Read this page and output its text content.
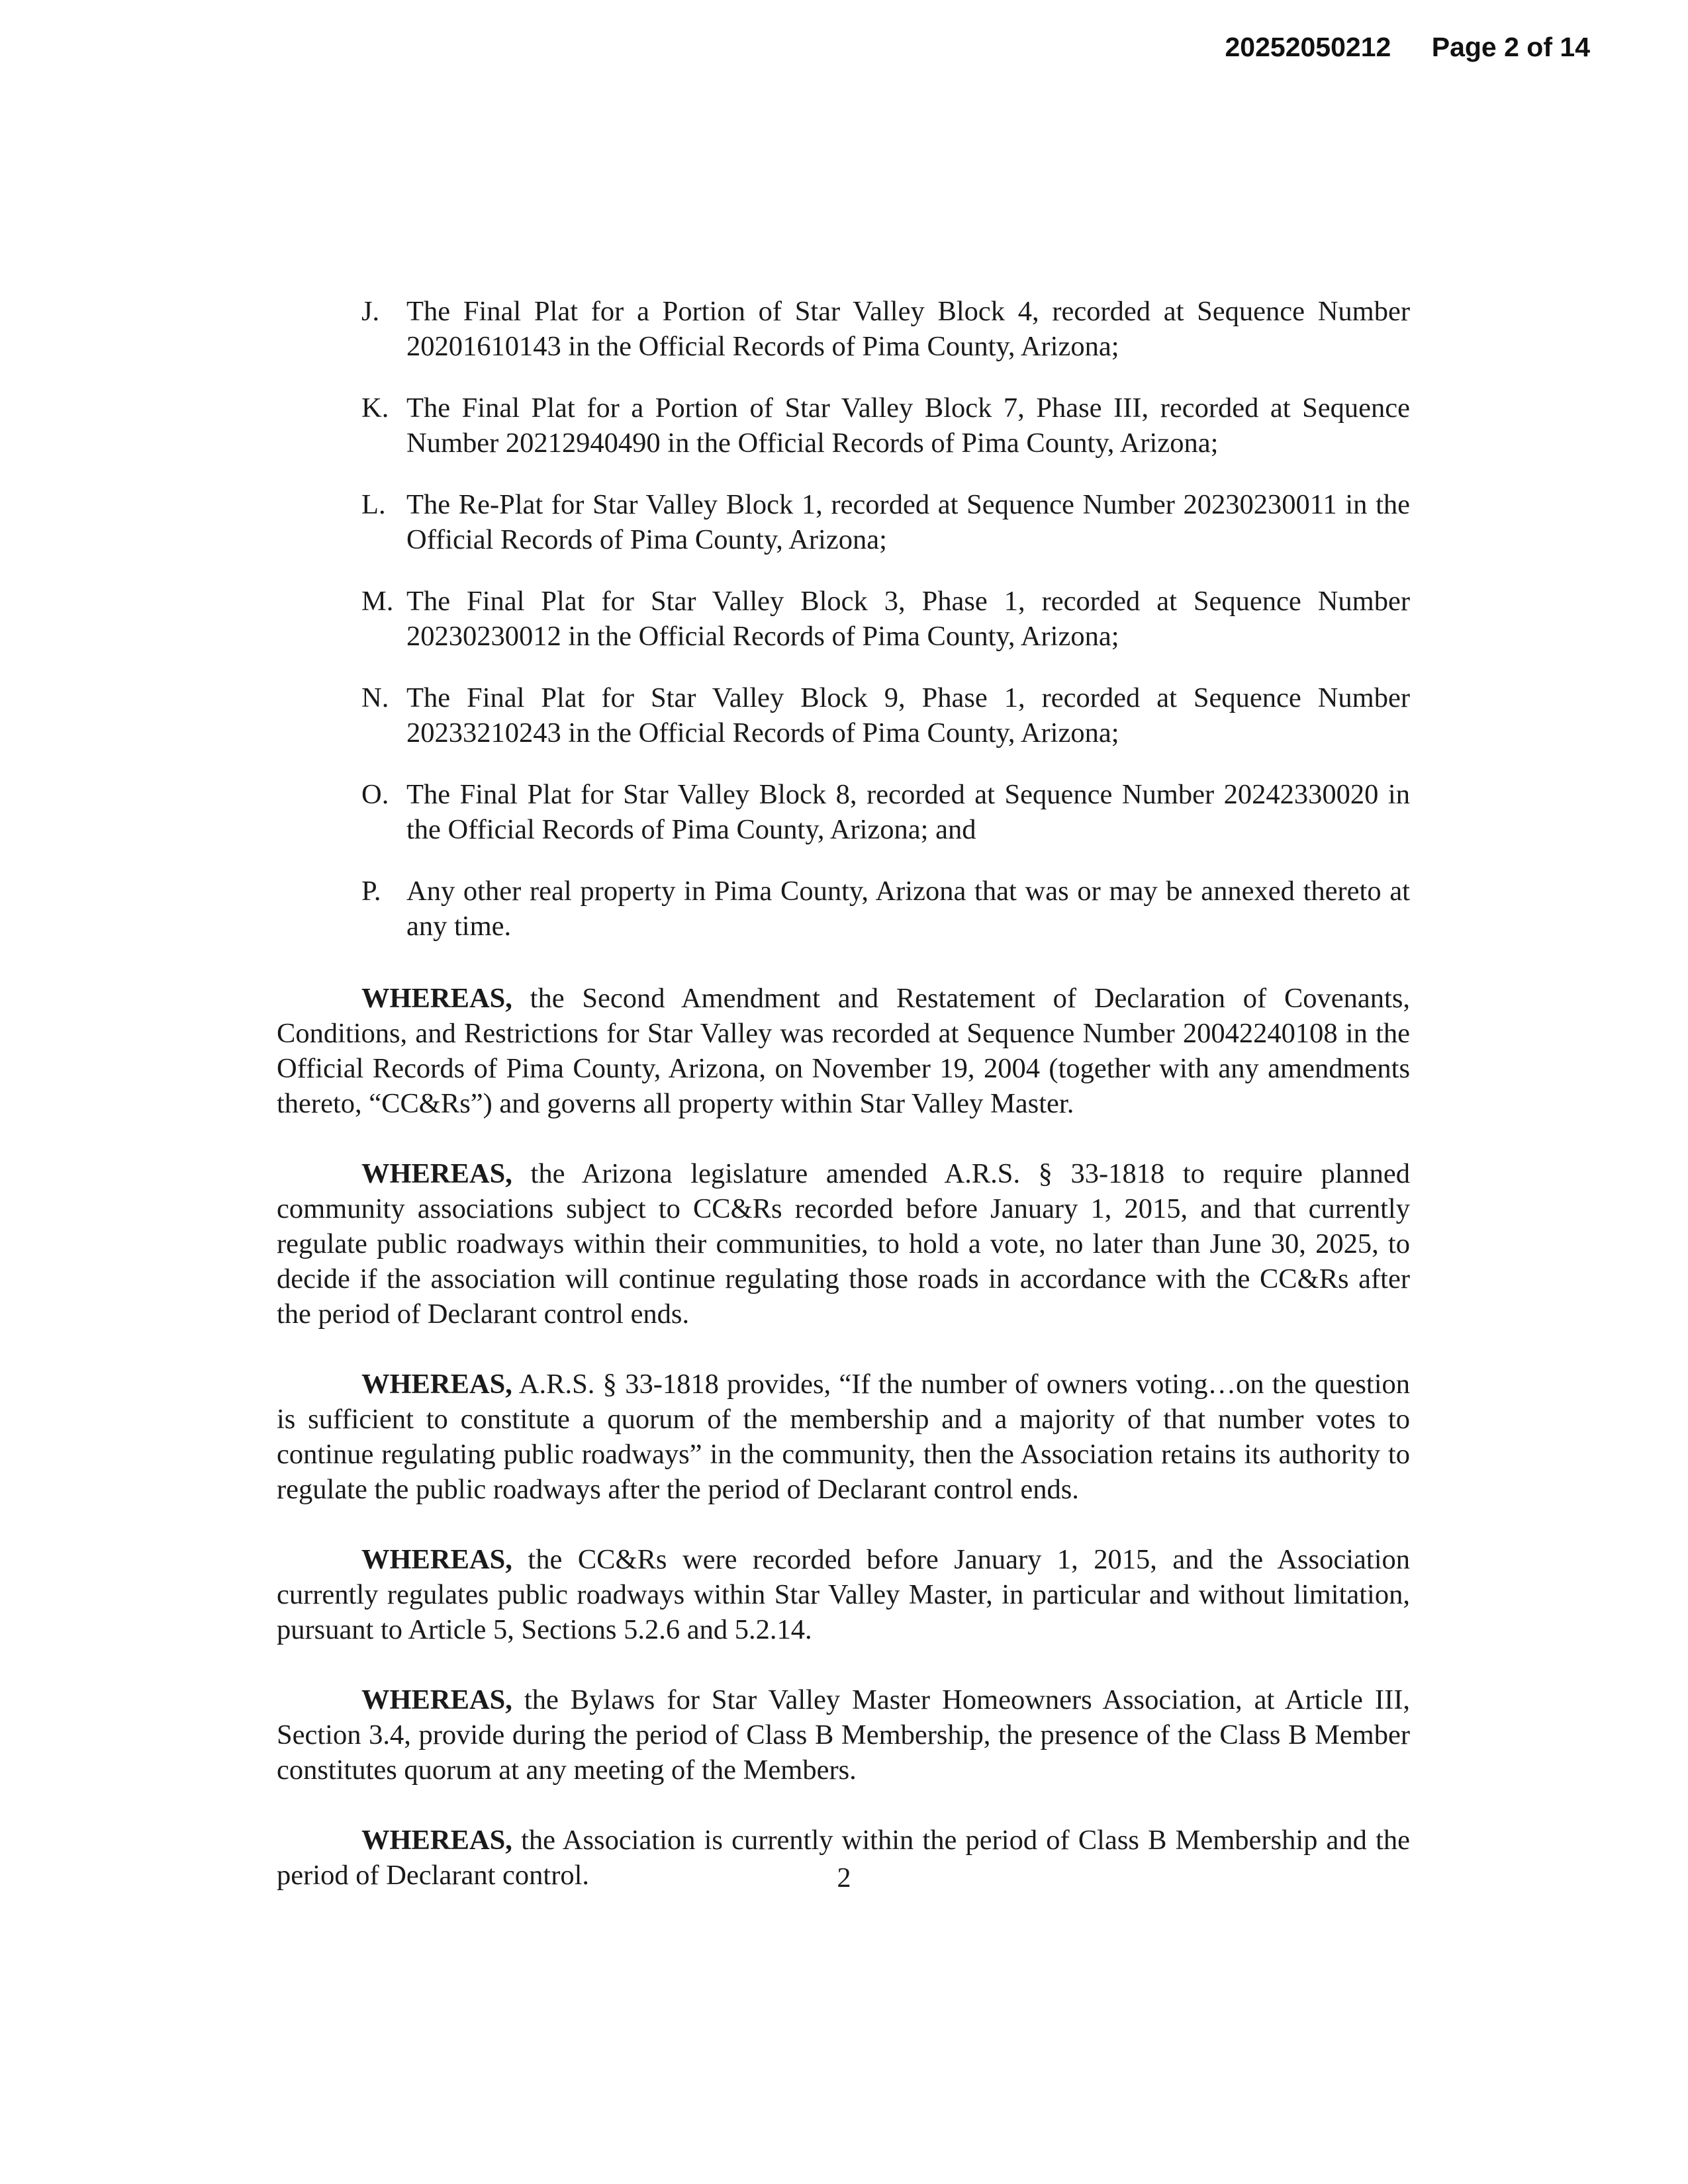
20252050212 Page 2 of 14
J. The Final Plat for a Portion of Star Valley Block 4, recorded at Sequence Number 20201610143 in the Official Records of Pima County, Arizona;
K. The Final Plat for a Portion of Star Valley Block 7, Phase III, recorded at Sequence Number 20212940490 in the Official Records of Pima County, Arizona;
L. The Re-Plat for Star Valley Block 1, recorded at Sequence Number 20230230011 in the Official Records of Pima County, Arizona;
M. The Final Plat for Star Valley Block 3, Phase 1, recorded at Sequence Number 20230230012 in the Official Records of Pima County, Arizona;
N. The Final Plat for Star Valley Block 9, Phase 1, recorded at Sequence Number 20233210243 in the Official Records of Pima County, Arizona;
O. The Final Plat for Star Valley Block 8, recorded at Sequence Number 20242330020 in the Official Records of Pima County, Arizona; and
P. Any other real property in Pima County, Arizona that was or may be annexed thereto at any time.

WHEREAS, the Second Amendment and Restatement of Declaration of Covenants, Conditions, and Restrictions for Star Valley was recorded at Sequence Number 20042240108 in the Official Records of Pima County, Arizona, on November 19, 2004 (together with any amendments thereto, “CC&Rs”) and governs all property within Star Valley Master.

WHEREAS, the Arizona legislature amended A.R.S. § 33-1818 to require planned community associations subject to CC&Rs recorded before January 1, 2015, and that currently regulate public roadways within their communities, to hold a vote, no later than June 30, 2025, to decide if the association will continue regulating those roads in accordance with the CC&Rs after the period of Declarant control ends.

WHEREAS, A.R.S. § 33-1818 provides, “If the number of owners voting…on the question is sufficient to constitute a quorum of the membership and a majority of that number votes to continue regulating public roadways” in the community, then the Association retains its authority to regulate the public roadways after the period of Declarant control ends.

WHEREAS, the CC&Rs were recorded before January 1, 2015, and the Association currently regulates public roadways within Star Valley Master, in particular and without limitation, pursuant to Article 5, Sections 5.2.6 and 5.2.14.

WHEREAS, the Bylaws for Star Valley Master Homeowners Association, at Article III, Section 3.4, provide during the period of Class B Membership, the presence of the Class B Member constitutes quorum at any meeting of the Members.

WHEREAS, the Association is currently within the period of Class B Membership and the period of Declarant control.	2
